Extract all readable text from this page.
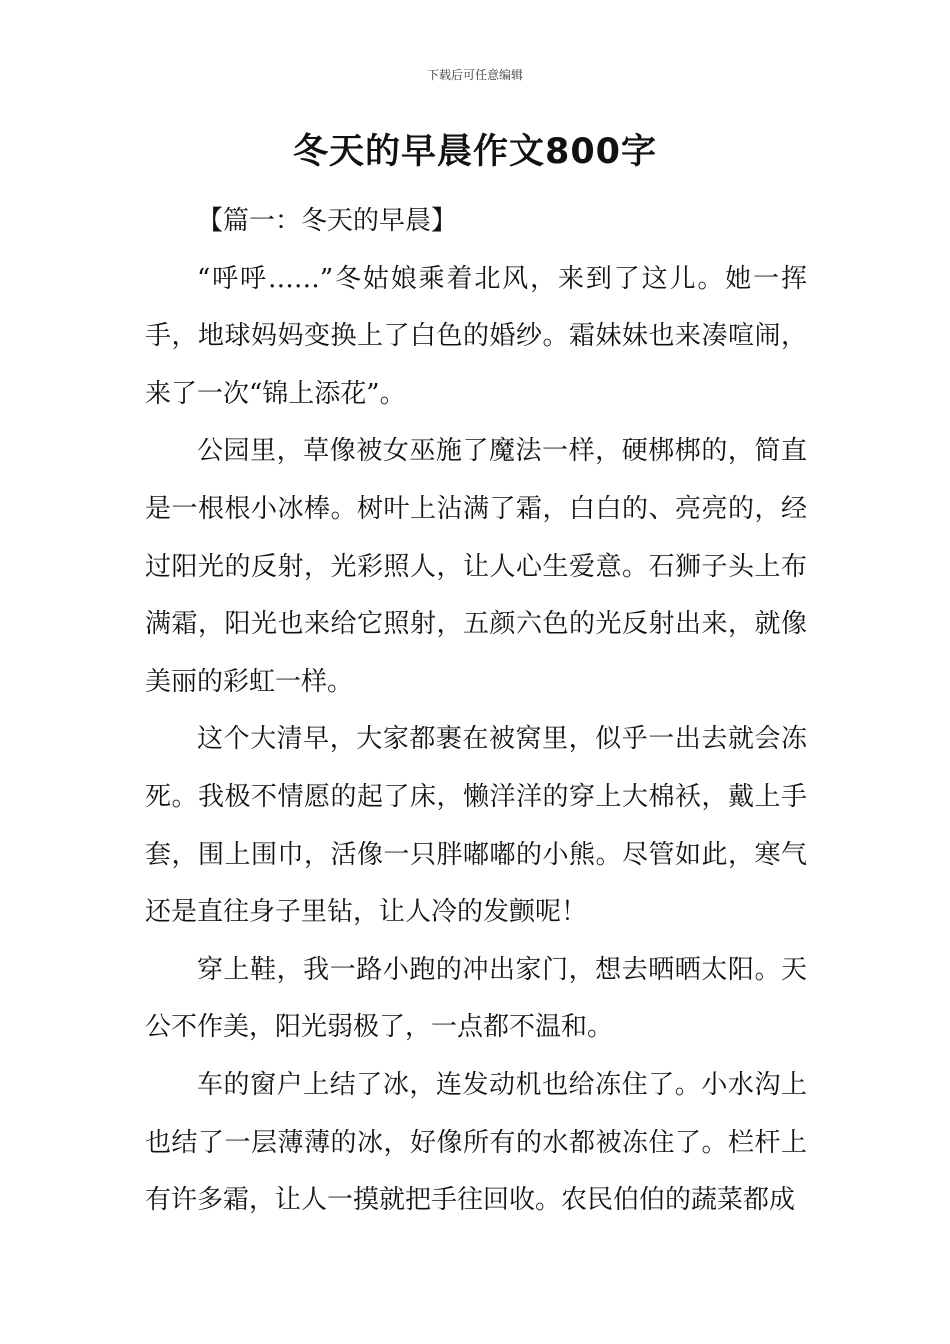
下载后可任意编辑
冬天的早晨作文800字

【篇一：冬天的早晨】

“呼呼……”冬姑娘乘着北风，来到了这儿。她一挥手，地球妈妈变换上了白色的婚纱。霜妹妹也来凑喧闹，来了一次“锦上添花”。

公园里，草像被女巫施了魔法一样，硬梆梆的，简直是一根根小冰棒。树叶上沾满了霜，白白的、亮亮的，经过阳光的反射，光彩照人，让人心生爱意。石狮子头上布满霜，阳光也来给它照射，五颜六色的光反射出来，就像美丽的彩虹一样。

这个大清早，大家都裹在被窝里，似乎一出去就会冻死。我极不情愿的起了床，懒洋洋的穿上大棉袄，戴上手套，围上围巾，活像一只胖嘟嘟的小熊。尽管如此，寒气还是直往身子里钻，让人冷的发颤呢！

穿上鞋，我一路小跑的冲出家门，想去晒晒太阳。天公不作美，阳光弱极了，一点都不温和。

车的窗户上结了冰，连发动机也给冻住了。小水沟上也结了一层薄薄的冰，好像所有的水都被冻住了。栏杆上有许多霜，让人一摸就把手往回收。农民伯伯的蔬菜都成
